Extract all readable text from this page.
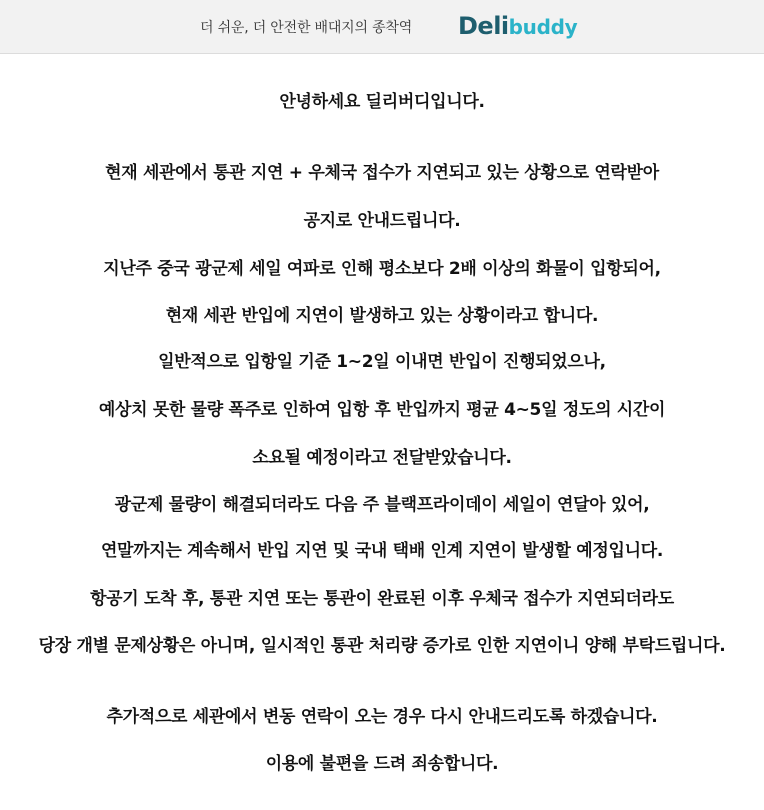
더 쉬운, 더 안전한 배대지의 종착역 Delibuddy
안녕하세요 딜리버디입니다.
현재 세관에서 통관 지연 + 우체국 접수가 지연되고 있는 상황으로 연락받아
공지로 안내드립니다.
지난주 중국 광군제 세일 여파로 인해 평소보다 2배 이상의 화물이 입항되어,
현재 세관 반입에 지연이 발생하고 있는 상황이라고 합니다.
일반적으로 입항일 기준 1~2일 이내면 반입이 진행되었으나,
예상치 못한 물량 폭주로 인하여 입항 후 반입까지 평균 4~5일 정도의 시간이
소요될 예정이라고 전달받았습니다.
광군제 물량이 해결되더라도 다음 주 블랙프라이데이 세일이 연달아 있어,
연말까지는 계속해서 반입 지연 및 국내 택배 인계 지연이 발생할 예정입니다.
항공기 도착 후, 통관 지연 또는 통관이 완료된 이후 우체국 접수가 지연되더라도
당장 개별 문제상황은 아니며, 일시적인 통관 처리량 증가로 인한 지연이니 양해 부탁드립니다.
추가적으로 세관에서 변동 연락이 오는 경우 다시 안내드리도록 하겠습니다.
이용에 불편을 드려 죄송합니다.
